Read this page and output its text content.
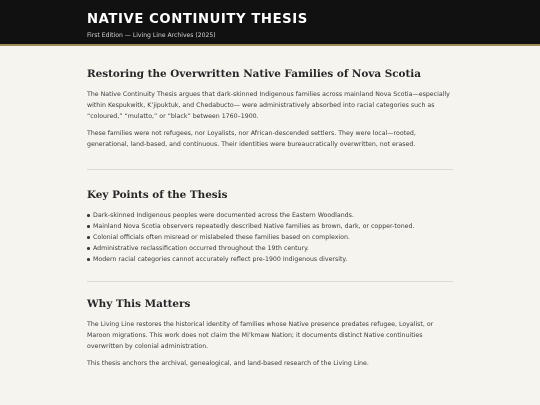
NATIVE CONTINUITY THESIS
First Edition — Living Line Archives (2025)
Restoring the Overwritten Native Families of Nova Scotia

The Native Continuity Thesis argues that dark-skinned Indigenous families across mainland Nova Scotia—especially within Kespukwitk, K’jipuktuk, and Chedabucto— were administratively absorbed into racial categories such as “coloured,” “mulatto,” or “black” between 1760–1900.

These families were not refugees, nor Loyalists, nor African-descended settlers. They were local—rooted, generational, land-based, and continuous. Their identities were bureaucratically overwritten, not erased.

Key Points of the Thesis
Dark-skinned Indigenous peoples were documented across the Eastern Woodlands.
Mainland Nova Scotia observers repeatedly described Native families as brown, dark, or copper-toned.
Colonial officials often misread or mislabeled these families based on complexion.
Administrative reclassification occurred throughout the 19th century.
Modern racial categories cannot accurately reflect pre-1900 Indigenous diversity.
Why This Matters

The Living Line restores the historical identity of families whose Native presence predates refugee, Loyalist, or Maroon migrations. This work does not claim the Mi’kmaw Nation; it documents distinct Native continuities overwritten by colonial administration.

This thesis anchors the archival, genealogical, and land-based research of the Living Line.
